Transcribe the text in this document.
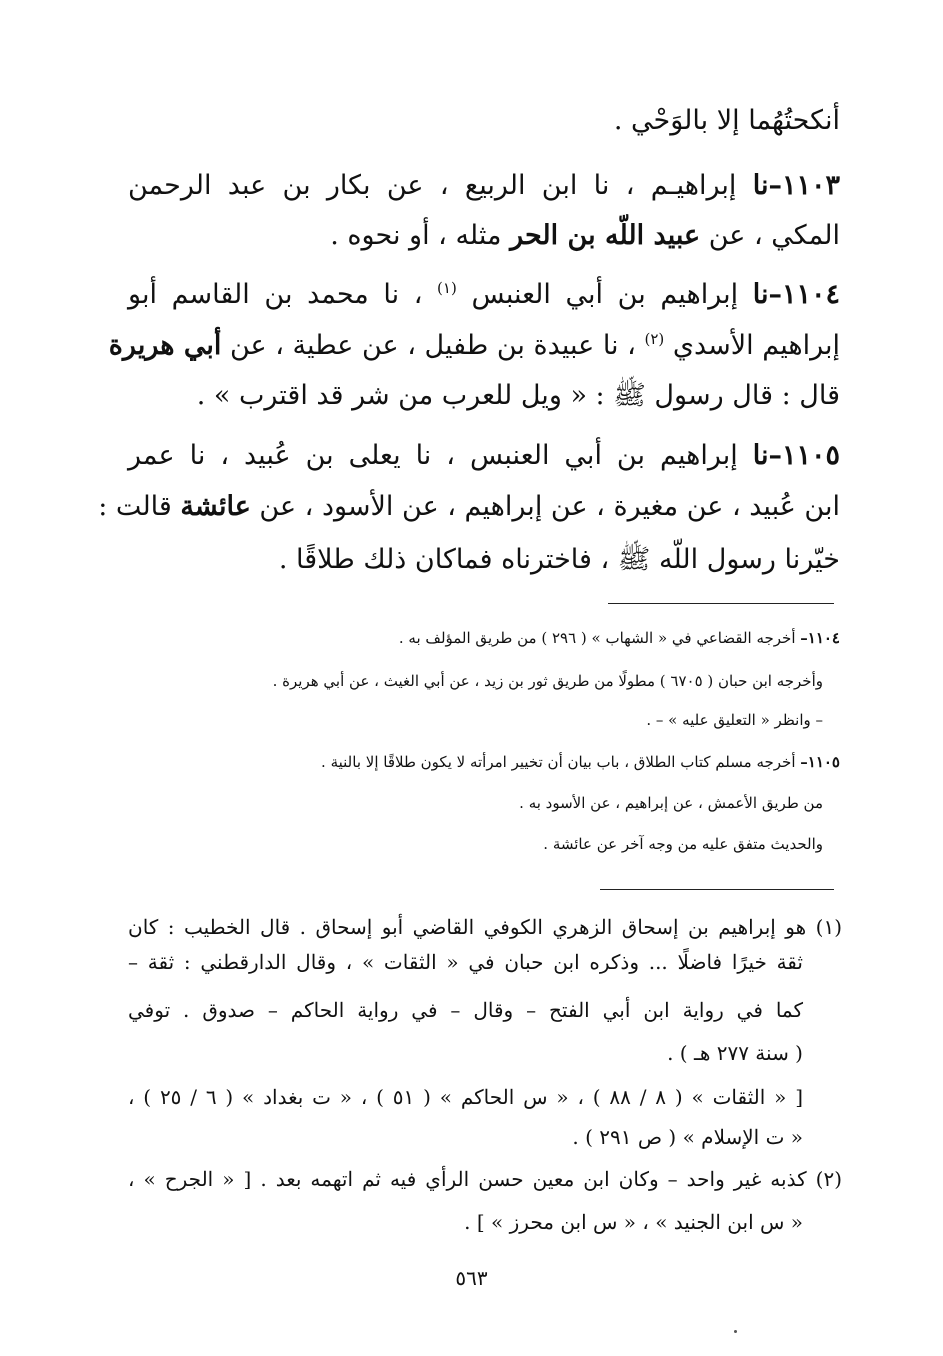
أنكحتُهُما إلا بالوَحْي .
١١٠٣–نا إبراهيـم ، نا ابن الربيع ، عن بكار بن عبد الرحمن
المكي ، عن عبيد اللّه بن الحر مثله ، أو نحوه .
١١٠٤–نا إبراهيم بن أبي العنبس $^{(١)}$ ، نا محمد بن القاسم أبو
إبراهيم الأسدي $^{(٢)}$ ، نا عبيدة بن طفيل ، عن عطية ، عن أبي هريرة
قال : قال رسول ﷺ : « ويل للعرب من شر قد اقترب » .
١١٠٥–نا إبراهيم بن أبي العنبس ، نا يعلى بن عُبيد ، نا عمر
ابن عُبيد ، عن مغيرة ، عن إبراهيم ، عن الأسود ، عن عائشة قالت :
خيّرنا رسول اللّه ﷺ ، فاخترناه فماكان ذلك طلاقًا .
١١٠٤– أخرجه القضاعي في « الشهاب » ( ٢٩٦ ) من طريق المؤلف به .
وأخرجه ابن حبان ( ٦٧٠٥ ) مطولًا من طريق ثور بن زيد ، عن أبي الغيث ، عن أبي هريرة .
– وانظر « التعليق عليه » – .
١١٠٥– أخرجه مسلم كتاب الطلاق ، باب بيان أن تخيير امرأته لا يكون طلاقًا إلا بالنية .
من طريق الأعمش ، عن إبراهيم ، عن الأسود به .
والحديث متفق عليه من وجه آخر عن عائشة .
(١) هو إبراهيم بن إسحاق الزهري الكوفي القاضي أبو إسحاق . قال الخطيب : كان
ثقة خيرًا فاضلًا ... وذكره ابن حبان في « الثقات » ، وقال الدارقطني : ثقة –
كما في رواية ابن أبي الفتح – وقال – في رواية الحاكم – صدوق . توفي
( سنة ٢٧٧ هـ ) .
[ « الثقات » ( ٨ / ٨٨ ) ، « س الحاكم » ( ٥١ ) ، « ت بغداد » ( ٦ / ٢٥ ) ،
« ت الإسلام » ( ص ٢٩١ ) .
(٢) كذبه غير واحد – وكان ابن معين حسن الرأي فيه ثم اتهمه بعد . [ « الجرح » ،
« س ابن الجنيد » ، « س ابن محرز » ] .
٥٦٣
